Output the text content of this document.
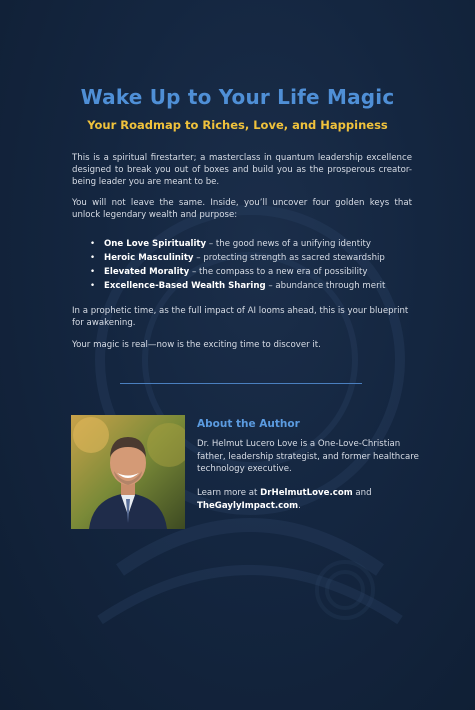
Wake Up to Your Life Magic
Your Roadmap to Riches, Love, and Happiness

This is a spiritual firestarter; a masterclass in quantum leadership excellence designed to break you out of boxes and build you as the prosperous creator-being leader you are meant to be.

You will not leave the same. Inside, you’ll uncover four golden keys that unlock legendary wealth and purpose:

• One Love Spirituality – the good news of a unifying identity
• Heroic Masculinity – protecting strength as sacred stewardship
• Elevated Morality – the compass to a new era of possibility
• Excellence-Based Wealth Sharing – abundance through merit

In a prophetic time, as the full impact of AI looms ahead, this is your blueprint for awakening.

Your magic is real—now is the exciting time to discover it.

About the Author

Dr. Helmut Lucero Love is a One-Love-Christian father, leadership strategist, and former healthcare technology executive.

Learn more at DrHelmutLove.com and
TheGaylyImpact.com.
